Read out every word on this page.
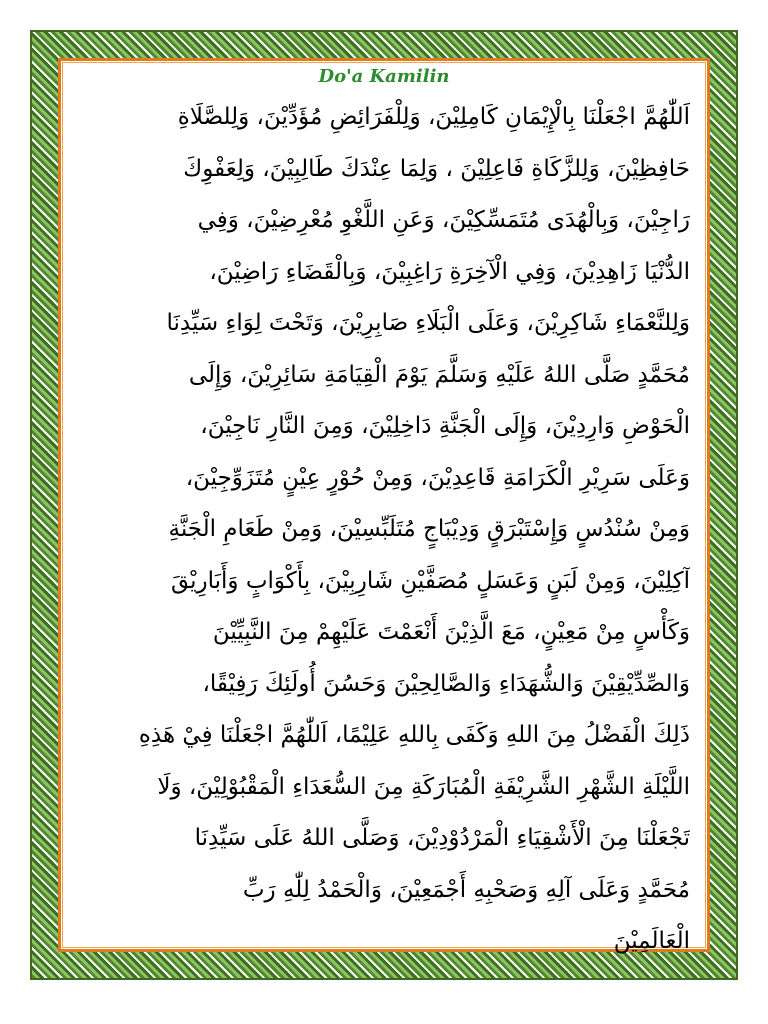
Do'a Kamilin
اَللّٰهُمَّ اجْعَلْنَا بِالْإِيْمَانِ كَامِلِيْنَ، وَلِلْفَرَائِضِ مُؤَدِّيْنَ، وَلِلصَّلَاةِ
حَافِظِيْنَ، وَلِلزَّكَاةِ فَاعِلِيْنَ ، وَلِمَا عِنْدَكَ طَالِبِيْنَ، وَلِعَفْوِكَ
رَاجِيْنَ، وَبِالْهُدَى مُتَمَسِّكِيْنَ، وَعَنِ اللَّغْوِ مُعْرِضِيْنَ، وَفِي
الدُّنْيَا زَاهِدِيْنَ، وَفِي الْآخِرَةِ رَاغِبِيْنَ، وَبِالْقَضَاءِ رَاضِيْنَ،
وَلِلنَّعْمَاءِ شَاكِرِيْنَ، وَعَلَى الْبَلَاءِ صَابِرِيْنَ، وَتَحْتَ لِوَاءِ سَيِّدِنَا
مُحَمَّدٍ صَلَّى اللهُ عَلَيْهِ وَسَلَّمَ يَوْمَ الْقِيَامَةِ سَائِرِيْنَ، وَإِلَى
الْحَوْضِ وَارِدِيْنَ، وَإِلَى الْجَنَّةِ دَاخِلِيْنَ، وَمِنَ النَّارِ نَاجِيْنَ،
وَعَلَى سَرِيْرِ الْكَرَامَةِ قَاعِدِيْنَ، وَمِنْ حُوْرٍ عِيْنٍ مُتَزَوِّجِيْنَ،
وَمِنْ سُنْدُسٍ وَإِسْتَبْرَقٍ وَدِيْبَاجٍ مُتَلَبِّسِيْنَ، وَمِنْ طَعَامِ الْجَنَّةِ
آكِلِيْنَ، وَمِنْ لَبَنٍ وَعَسَلٍ مُصَفَّيْنِ شَارِبِيْنَ، بِأَكْوَابٍ وَأَبَارِيْقَ
وَكَأْسٍ مِنْ مَعِيْنٍ، مَعَ الَّذِيْنَ أَنْعَمْتَ عَلَيْهِمْ مِنَ النَّبِيِّيْنَ
وَالصِّدِّيْقِيْنَ وَالشُّهَدَاءِ وَالصَّالِحِيْنَ وَحَسُنَ أُولَئِكَ رَفِيْقًا،
ذَلِكَ الْفَضْلُ مِنَ اللهِ وَكَفَى بِاللهِ عَلِيْمًا، اَللّٰهُمَّ اجْعَلْنَا فِيْ هَذِهِ
اللَّيْلَةِ الشَّهْرِ الشَّرِيْفَةِ الْمُبَارَكَةِ مِنَ السُّعَدَاءِ الْمَقْبُوْلِيْنَ، وَلَا
تَجْعَلْنَا مِنَ الْأَشْقِيَاءِ الْمَرْدُوْدِيْنَ، وَصَلَّى اللهُ عَلَى سَيِّدِنَا
مُحَمَّدٍ وَعَلَى آلِهِ وَصَحْبِهِ أَجْمَعِيْنَ، وَالْحَمْدُ لِلّٰهِ رَبِّ
الْعَالَمِيْنَ
